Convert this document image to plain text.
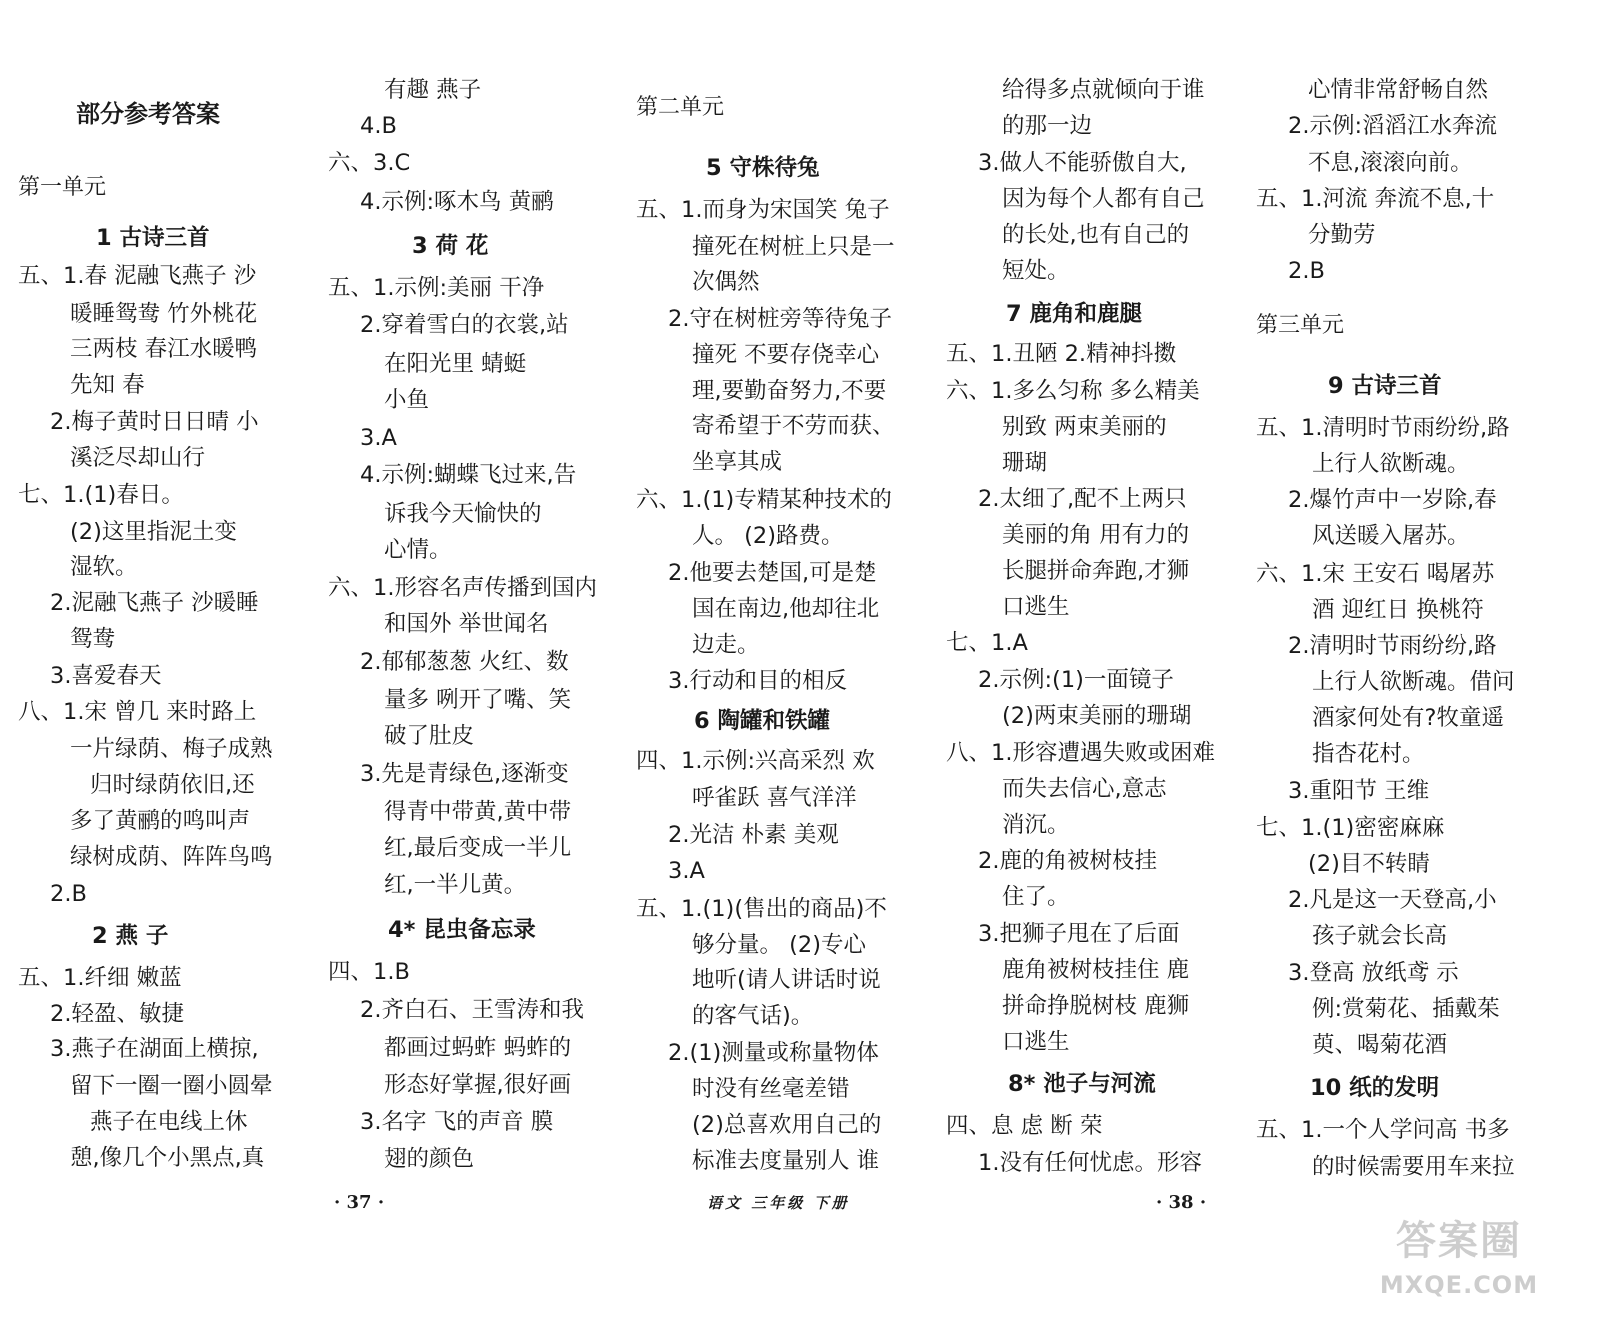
部分参考答案
第一单元
1 古诗三首
五、1.春 泥融飞燕子 沙
暖睡鸳鸯 竹外桃花
三两枝 春江水暖鸭
先知 春
2.梅子黄时日日晴 小
溪泛尽却山行
七、1.(1)春日。
(2)这里指泥土变
湿软。
2.泥融飞燕子 沙暖睡
鸳鸯
3.喜爱春天
八、1.宋 曾几 来时路上
一片绿荫、梅子成熟
归时绿荫依旧,还
多了黄鹂的鸣叫声
绿树成荫、阵阵鸟鸣
2.B
2 燕 子
五、1.纤细 嫩蓝
2.轻盈、敏捷
3.燕子在湖面上横掠,
留下一圈一圈小圆晕
燕子在电线上休
憩,像几个小黑点,真
有趣 燕子
4.B
六、3.C
4.示例:啄木鸟 黄鹂
3 荷 花
五、1.示例:美丽 干净
2.穿着雪白的衣裳,站
在阳光里 蜻蜓
小鱼
3.A
4.示例:蝴蝶飞过来,告
诉我今天愉快的
心情。
六、1.形容名声传播到国内
和国外 举世闻名
2.郁郁葱葱 火红、数
量多 咧开了嘴、笑
破了肚皮
3.先是青绿色,逐渐变
得青中带黄,黄中带
红,最后变成一半儿
红,一半儿黄。
4* 昆虫备忘录
四、1.B
2.齐白石、王雪涛和我
都画过蚂蚱 蚂蚱的
形态好掌握,很好画
3.名字 飞的声音 膜
翅的颜色
第二单元
5 守株待兔
五、1.而身为宋国笑 兔子
撞死在树桩上只是一
次偶然
2.守在树桩旁等待兔子
撞死 不要存侥幸心
理,要勤奋努力,不要
寄希望于不劳而获、
坐享其成
六、1.(1)专精某种技术的
人。 (2)路费。
2.他要去楚国,可是楚
国在南边,他却往北
边走。
3.行动和目的相反
6 陶罐和铁罐
四、1.示例:兴高采烈 欢
呼雀跃 喜气洋洋
2.光洁 朴素 美观
3.A
五、1.(1)(售出的商品)不
够分量。 (2)专心
地听(请人讲话时说
的客气话)。
2.(1)测量或称量物体
时没有丝毫差错
(2)总喜欢用自己的
标准去度量别人 谁
给得多点就倾向于谁
的那一边
3.做人不能骄傲自大,
因为每个人都有自己
的长处,也有自己的
短处。
7 鹿角和鹿腿
五、1.丑陋 2.精神抖擞
六、1.多么匀称 多么精美
别致 两束美丽的
珊瑚
2.太细了,配不上两只
美丽的角 用有力的
长腿拼命奔跑,才狮
口逃生
七、1.A
2.示例:(1)一面镜子
(2)两束美丽的珊瑚
八、1.形容遭遇失败或困难
而失去信心,意志
消沉。
2.鹿的角被树枝挂
住了。
3.把狮子甩在了后面
鹿角被树枝挂住 鹿
拼命挣脱树枝 鹿狮
口逃生
8* 池子与河流
四、息 虑 断 荣
1.没有任何忧虑。形容
心情非常舒畅自然
2.示例:滔滔江水奔流
不息,滚滚向前。
五、1.河流 奔流不息,十
分勤劳
2.B
第三单元
9 古诗三首
五、1.清明时节雨纷纷,路
上行人欲断魂。
2.爆竹声中一岁除,春
风送暖入屠苏。
六、1.宋 王安石 喝屠苏
酒 迎红日 换桃符
2.清明时节雨纷纷,路
上行人欲断魂。借问
酒家何处有?牧童遥
指杏花村。
3.重阳节 王维
七、1.(1)密密麻麻
(2)目不转睛
2.凡是这一天登高,小
孩子就会长高
3.登高 放纸鸢 示
例:赏菊花、插戴茱
萸、喝菊花酒
10 纸的发明
五、1.一个人学问高 书多
的时候需要用车来拉
· 37 ·	语文 三年级 下册	· 38 ·
答案圈
MXQE.COM
